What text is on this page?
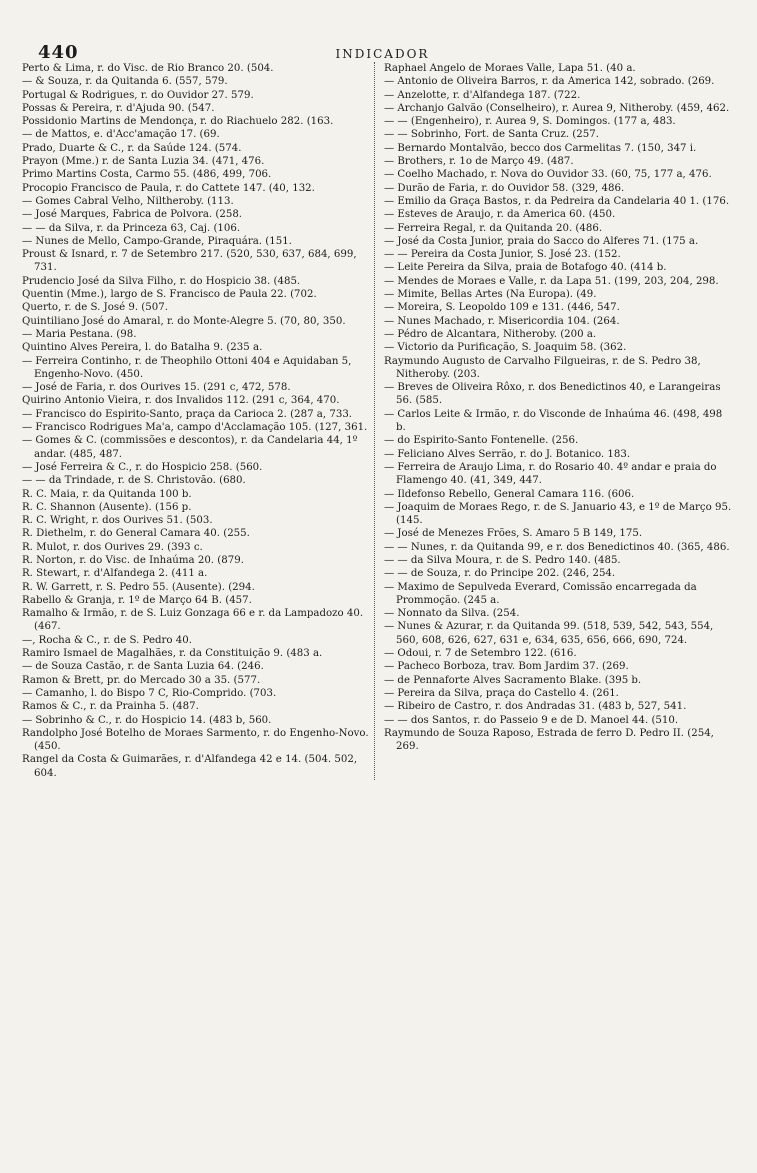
440	INDICADOR

Perto & Lima, r. do Visc. de Rio Branco 20. (504.

— & Souza, r. da Quitanda 6. (557, 579.

Portugal & Rodrigues, r. do Ouvidor 27. 579.

Possas & Pereira, r. d'Ajuda 90. (547.

Possidonio Martins de Mendonça, r. do Riachuelo 282. (163.

— de Mattos, e. d'Acc'amação 17. (69.

Prado, Duarte & C., r. da Saúde 124. (574.

Prayon (Mme.) r. de Santa Luzia 34. (471, 476.

Primo Martins Costa, Carmo 55. (486, 499, 706.

Procopio Francisco de Paula, r. do Cattete 147. (40, 132.

— Gomes Cabral Velho, Niltheroby. (113.

— José Marques, Fabrica de Polvora. (258.

— — da Silva, r. da Princeza 63, Caj. (106.

— Nunes de Mello, Campo-Grande, Piraquára. (151.

Proust & Isnard, r. 7 de Setembro 217. (520, 530, 637, 684, 699, 731.

Prudencio José da Silva Filho, r. do Hospicio 38. (485.

Quentin (Mme.), largo de S. Francisco de Paula 22. (702.

Querto, r. de S. José 9. (507.

Quintiliano José do Amaral, r. do Monte-Alegre 5. (70, 80, 350.

— Maria Pestana. (98.

Quintino Alves Pereira, l. do Batalha 9. (235 a.

— Ferreira Continho, r. de Theophilo Ottoni 404 e Aquidaban 5, Engenho-Novo. (450.

— José de Faria, r. dos Ourives 15. (291 c, 472, 578.

Quirino Antonio Vieira, r. dos Invalidos 112. (291 c, 364, 470.

— Francisco do Espirito-Santo, praça da Carioca 2. (287 a, 733.

— Francisco Rodrigues Ma'a, campo d'Acclamação 105. (127, 361.

— Gomes & C. (commissões e descontos), r. da Candelaria 44, 1º andar. (485, 487.

— José Ferreira & C., r. do Hospicio 258. (560.

— — da Trindade, r. de S. Christovão. (680.

R. C. Maia, r. da Quitanda 100 b.

R. C. Shannon (Ausente). (156 p.

R. C. Wright, r. dos Ourives 51. (503.

R. Diethelm, r. do General Camara 40. (255.

R. Mulot, r. dos Ourives 29. (393 c.

R. Norton, r. do Visc. de Inhaúma 20. (879.

R. Stewart, r. d'Alfandega 2. (411 a.

R. W. Garrett, r. S. Pedro 55. (Ausente). (294.

Rabello & Granja, r. 1º de Março 64 B. (457.

Ramalho & Irmão, r. de S. Luiz Gonzaga 66 e r. da Lampadozo 40. (467.

—, Rocha & C., r. de S. Pedro 40.

Ramiro Ismael de Magalhães, r. da Constituição 9. (483 a.

— de Souza Castão, r. de Santa Luzia 64. (246.

Ramon & Brett, pr. do Mercado 30 a 35. (577.

— Camanho, l. do Bispo 7 C, Rio-Comprido. (703.

Ramos & C., r. da Prainha 5. (487.

— Sobrinho & C., r. do Hospicio 14. (483 b, 560.

Randolpho José Botelho de Moraes Sarmento, r. do Engenho-Novo. (450.

Rangel da Costa & Guimarães, r. d'Alfandega 42 e 14. (504. 502, 604.

Raphael Angelo de Moraes Valle, Lapa 51. (40 a.

— Antonio de Oliveira Barros, r. da America 142, sobrado. (269.

— Anzelotte, r. d'Alfandega 187. (722.

— Archanjo Galvão (Conselheiro), r. Aurea 9, Nitheroby. (459, 462.

— — (Engenheiro), r. Aurea 9, S. Domingos. (177 a, 483.

— — Sobrinho, Fort. de Santa Cruz. (257.

— Bernardo Montalvão, becco dos Carmelitas 7. (150, 347 i.

— Brothers, r. 1o de Março 49. (487.

— Coelho Machado, r. Nova do Ouvidor 33. (60, 75, 177 a, 476.

— Durão de Faria, r. do Ouvidor 58. (329, 486.

— Emilio da Graça Bastos, r. da Pedreira da Candelaria 40 1. (176.

— Esteves de Araujo, r. da America 60. (450.

— Ferreira Regal, r. da Quitanda 20. (486.

— José da Costa Junior, praia do Sacco do Alferes 71. (175 a.

— — Pereira da Costa Junior, S. José 23. (152.

— Leite Pereira da Silva, praia de Botafogo 40. (414 b.

— Mendes de Moraes e Valle, r. da Lapa 51. (199, 203, 204, 298.

— Mimite, Bellas Artes (Na Europa). (49.

— Moreira, S. Leopoldo 109 e 131. (446, 547.

— Nunes Machado, r. Misericordia 104. (264.

— Pédro de Alcantara, Nitheroby. (200 a.

— Victorio da Purificação, S. Joaquim 58. (362.

Raymundo Augusto de Carvalho Filgueiras, r. de S. Pedro 38, Nitheroby. (203.

— Breves de Oliveira Rôxo, r. dos Benedictinos 40, e Larangeiras 56. (585.

— Carlos Leite & Irmão, r. do Visconde de Inhaúma 46. (498, 498 b.

— do Espirito-Santo Fontenelle. (256.

— Feliciano Alves Serrão, r. do J. Botanico. 183.

— Ferreira de Araujo Lima, r. do Rosario 40. 4º andar e praia do Flamengo 40. (41, 349, 447.

— Ildefonso Rebello, General Camara 116. (606.

— Joaquim de Moraes Rego, r. de S. Januario 43, e 1º de Março 95. (145.

— José de Menezes Frões, S. Amaro 5 B 149, 175.

— — Nunes, r. da Quitanda 99, e r. dos Benedictinos 40. (365, 486.

— — da Silva Moura, r. de S. Pedro 140. (485.

— — de Souza, r. do Principe 202. (246, 254.

— Maximo de Sepulveda Everard, Comissão encarregada da Prommoção. (245 a.

— Nonnato da Silva. (254.

— Nunes & Azurar, r. da Quitanda 99. (518, 539, 542, 543, 554, 560, 608, 626, 627, 631 e, 634, 635, 656, 666, 690, 724.

— Odoui, r. 7 de Setembro 122. (616.

— Pacheco Borboza, trav. Bom Jardim 37. (269.

— de Pennaforte Alves Sacramento Blake. (395 b.

— Pereira da Silva, praça do Castello 4. (261.

— Ribeiro de Castro, r. dos Andradas 31. (483 b, 527, 541.

— — dos Santos, r. do Passeio 9 e de D. Manoel 44. (510.

Raymundo de Souza Raposo, Estrada de ferro D. Pedro II. (254, 269.
